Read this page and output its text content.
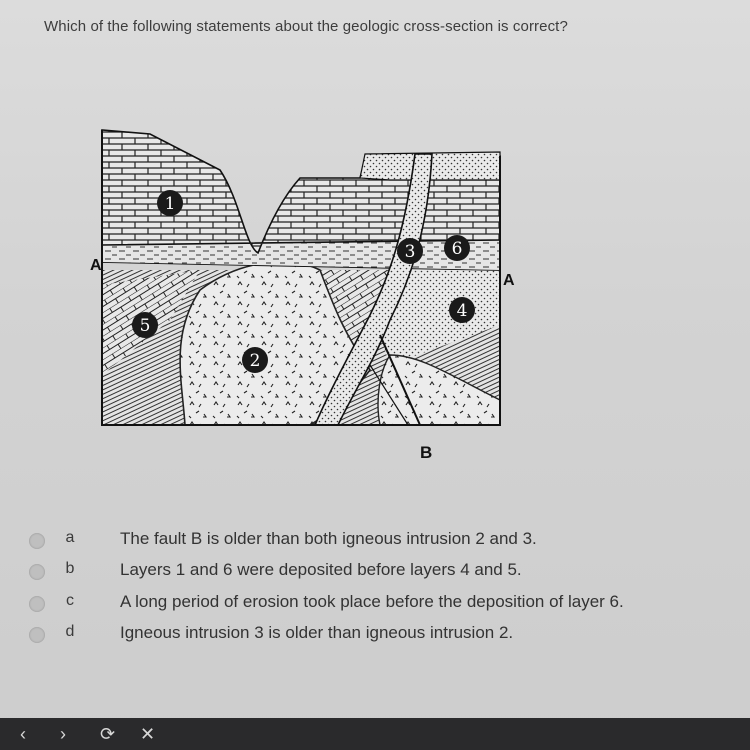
Which of the following statements about the geologic cross-section is correct?
1
2
3 6
4
5
A
A
B
a	The fault B is older than both igneous intrusion 2 and 3.
b	Layers 1 and 6 were deposited before layers 4 and 5.
c	A long period of erosion took place before the deposition of layer 6.
d	Igneous intrusion 3 is older than igneous intrusion 2.
‹ › ⟳ ✕
